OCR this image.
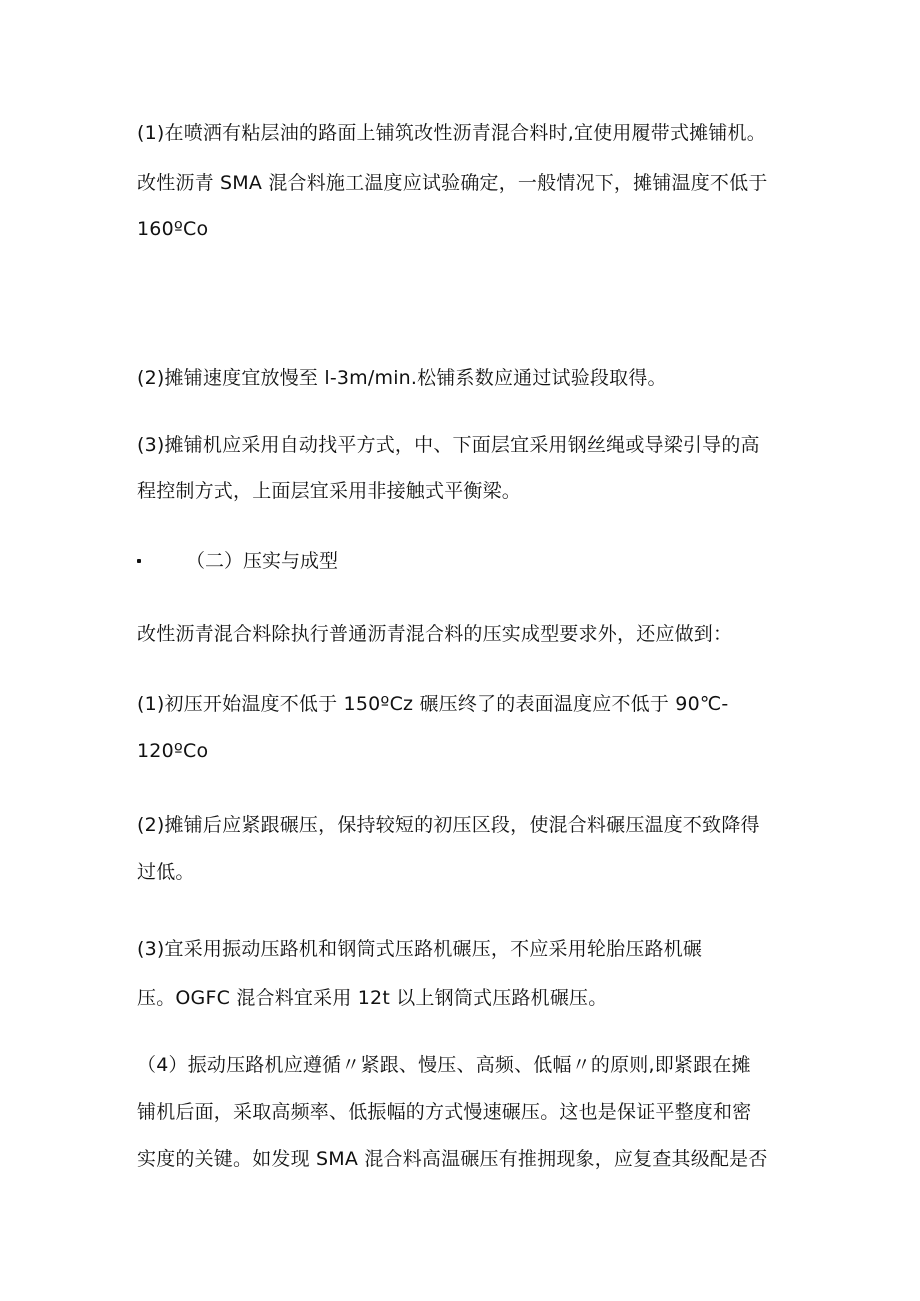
(1)在喷洒有粘层油的路面上铺筑改性沥青混合料时,宜使用履带式摊铺机。
改性沥青 SMA 混合料施工温度应试验确定，一般情况下，摊铺温度不低于
160ºCo
(2)摊铺速度宜放慢至 l-3m∕min.松铺系数应通过试验段取得。
(3)摊铺机应采用自动找平方式，中、下面层宜采用钢丝绳或导梁引导的高
程控制方式，上面层宜采用非接触式平衡梁。
（二）压实与成型
改性沥青混合料除执行普通沥青混合料的压实成型要求外，还应做到：
(1)初压开始温度不低于 150ºCz 碾压终了的表面温度应不低于 90℃-
120ºCo
(2)摊铺后应紧跟碾压，保持较短的初压区段，使混合料碾压温度不致降得
过低。
(3)宜采用振动压路机和钢筒式压路机碾压，不应采用轮胎压路机碾
压。OGFC 混合料宜采用 12t 以上钢筒式压路机碾压。
（4）振动压路机应遵循〃紧跟、慢压、高频、低幅〃的原则,即紧跟在摊
铺机后面，采取高频率、低振幅的方式慢速碾压。这也是保证平整度和密
实度的关键。如发现 SMA 混合料高温碾压有推拥现象，应复查其级配是否
